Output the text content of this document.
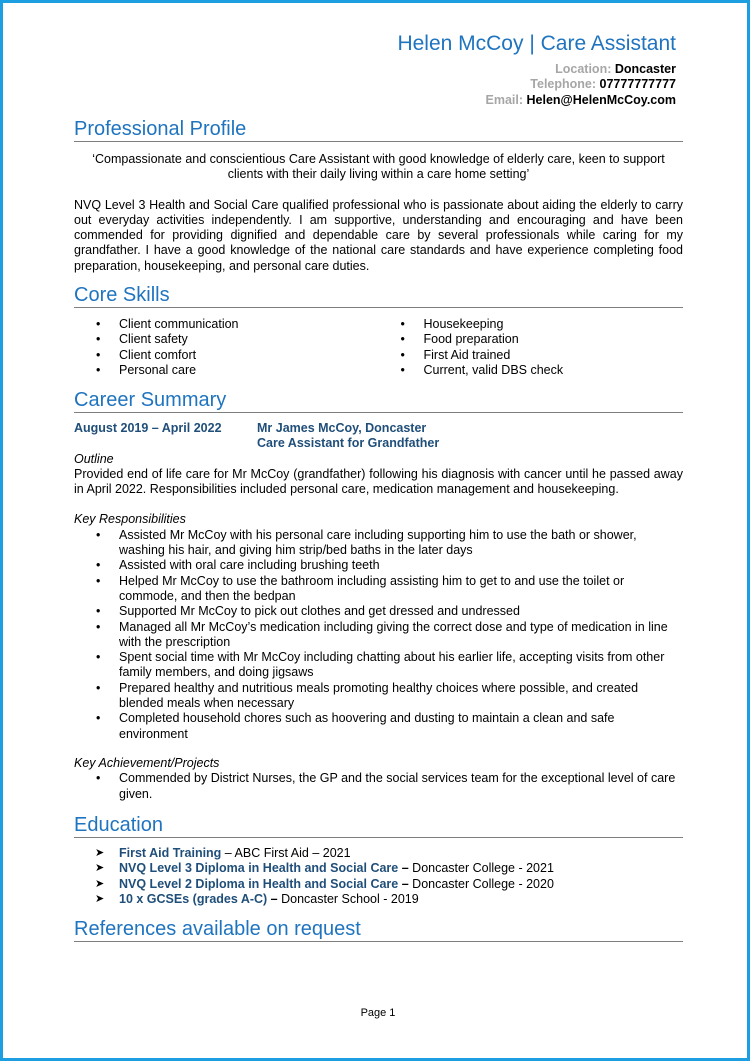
Helen McCoy | Care Assistant
Location: Doncaster
Telephone: 07777777777
Email: Helen@HelenMcCoy.com
Professional Profile
‘Compassionate and conscientious Care Assistant with good knowledge of elderly care, keen to support clients with their daily living within a care home setting’
NVQ Level 3 Health and Social Care qualified professional who is passionate about aiding the elderly to carry out everyday activities independently. I am supportive, understanding and encouraging and have been commended for providing dignified and dependable care by several professionals while caring for my grandfather. I have a good knowledge of the national care standards and have experience completing food preparation, housekeeping, and personal care duties.
Core Skills
• Client communication
• Client safety
• Client comfort
• Personal care
• Housekeeping
• Food preparation
• First Aid trained
• Current, valid DBS check
Career Summary
August 2019 – April 2022	Mr James McCoy, Doncaster
Care Assistant for Grandfather
Outline
Provided end of life care for Mr McCoy (grandfather) following his diagnosis with cancer until he passed away in April 2022. Responsibilities included personal care, medication management and housekeeping.
Key Responsibilities
• Assisted Mr McCoy with his personal care including supporting him to use the bath or shower, washing his hair, and giving him strip/bed baths in the later days
• Assisted with oral care including brushing teeth
• Helped Mr McCoy to use the bathroom including assisting him to get to and use the toilet or commode, and then the bedpan
• Supported Mr McCoy to pick out clothes and get dressed and undressed
• Managed all Mr McCoy’s medication including giving the correct dose and type of medication in line with the prescription
• Spent social time with Mr McCoy including chatting about his earlier life, accepting visits from other family members, and doing jigsaws
• Prepared healthy and nutritious meals promoting healthy choices where possible, and created blended meals when necessary
• Completed household chores such as hoovering and dusting to maintain a clean and safe environment
Key Achievement/Projects
• Commended by District Nurses, the GP and the social services team for the exceptional level of care given.
Education
➤ First Aid Training – ABC First Aid – 2021
➤ NVQ Level 3 Diploma in Health and Social Care – Doncaster College - 2021
➤ NVQ Level 2 Diploma in Health and Social Care – Doncaster College - 2020
➤ 10 x GCSEs (grades A-C) – Doncaster School - 2019
References available on request
Page 1
